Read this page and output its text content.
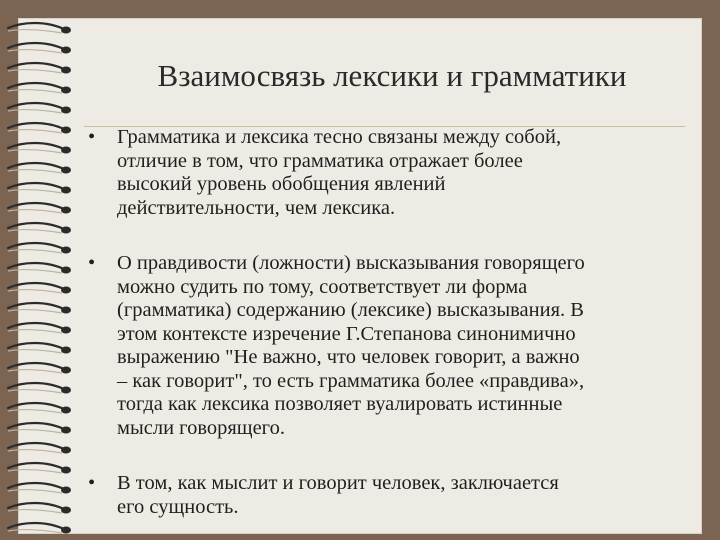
Взаимосвязь лексики и грамматики
•	Грамматика и лексика тесно связаны между собой,
отличие в том, что грамматика отражает более
высокий уровень обобщения явлений
действительности, чем лексика.
•	О правдивости (ложности) высказывания говорящего
можно судить по тому, соответствует ли форма
(грамматика) содержанию (лексике) высказывания. В
этом контексте изречение Г.Степанова синонимично
выражению "Не важно, что человек говорит, а важно
– как говорит", то есть грамматика более «правдива»,
тогда как лексика позволяет вуалировать истинные
мысли говорящего.
•	В том, как мыслит и говорит человек, заключается
его сущность.
